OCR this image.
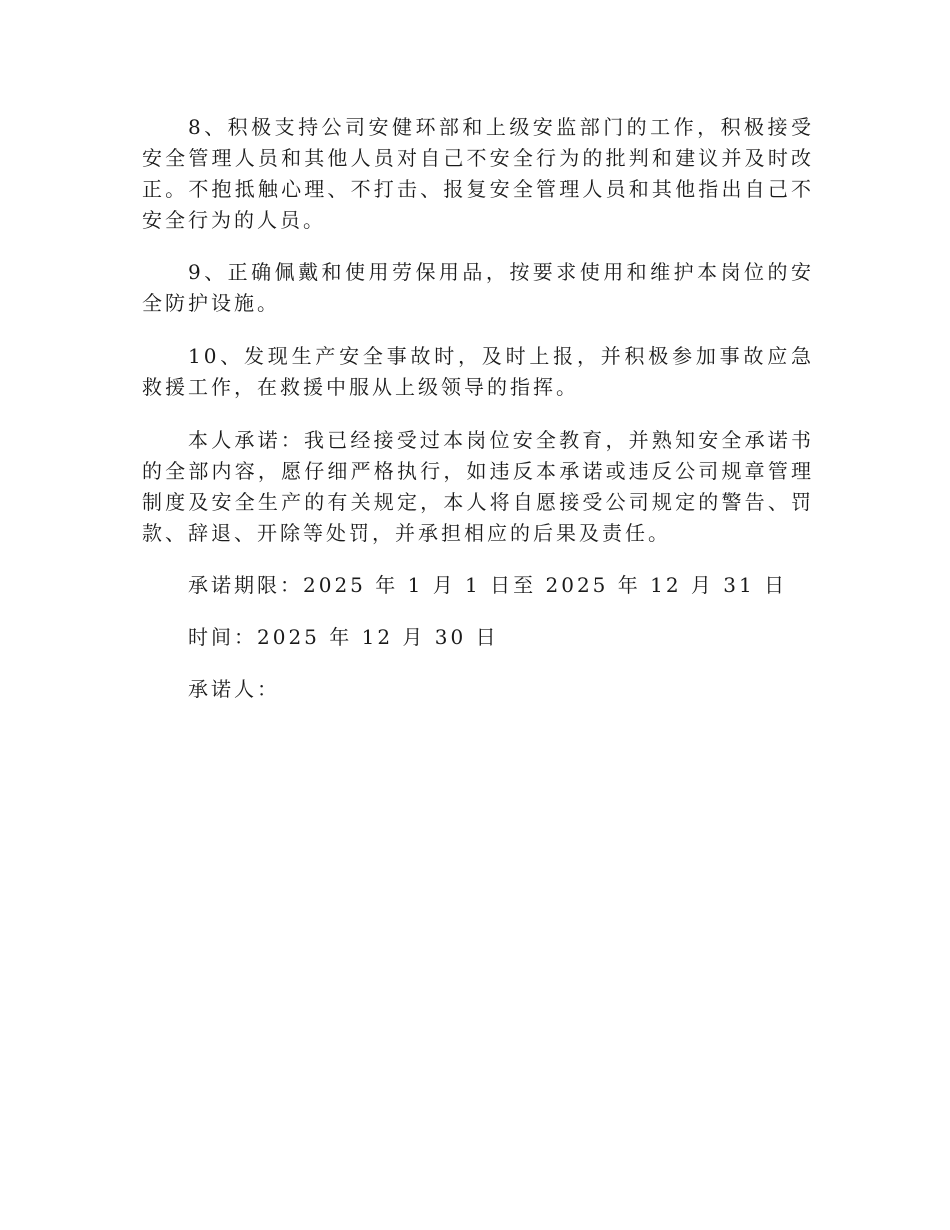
8、积极支持公司安健环部和上级安监部门的工作，积极接受安全管理人员和其他人员对自己不安全行为的批判和建议并及时改正。不抱抵触心理、不打击、报复安全管理人员和其他指出自己不安全行为的人员。

9、正确佩戴和使用劳保用品，按要求使用和维护本岗位的安全防护设施。

10、发现生产安全事故时，及时上报，并积极参加事故应急救援工作，在救援中服从上级领导的指挥。

本人承诺：我已经接受过本岗位安全教育，并熟知安全承诺书的全部内容，愿仔细严格执行，如违反本承诺或违反公司规章管理制度及安全生产的有关规定，本人将自愿接受公司规定的警告、罚款、辞退、开除等处罚，并承担相应的后果及责任。

承诺期限：2025 年 1 月 1 日至 2025 年 12 月 31 日

时间：2025 年 12 月 30 日

承诺人：
